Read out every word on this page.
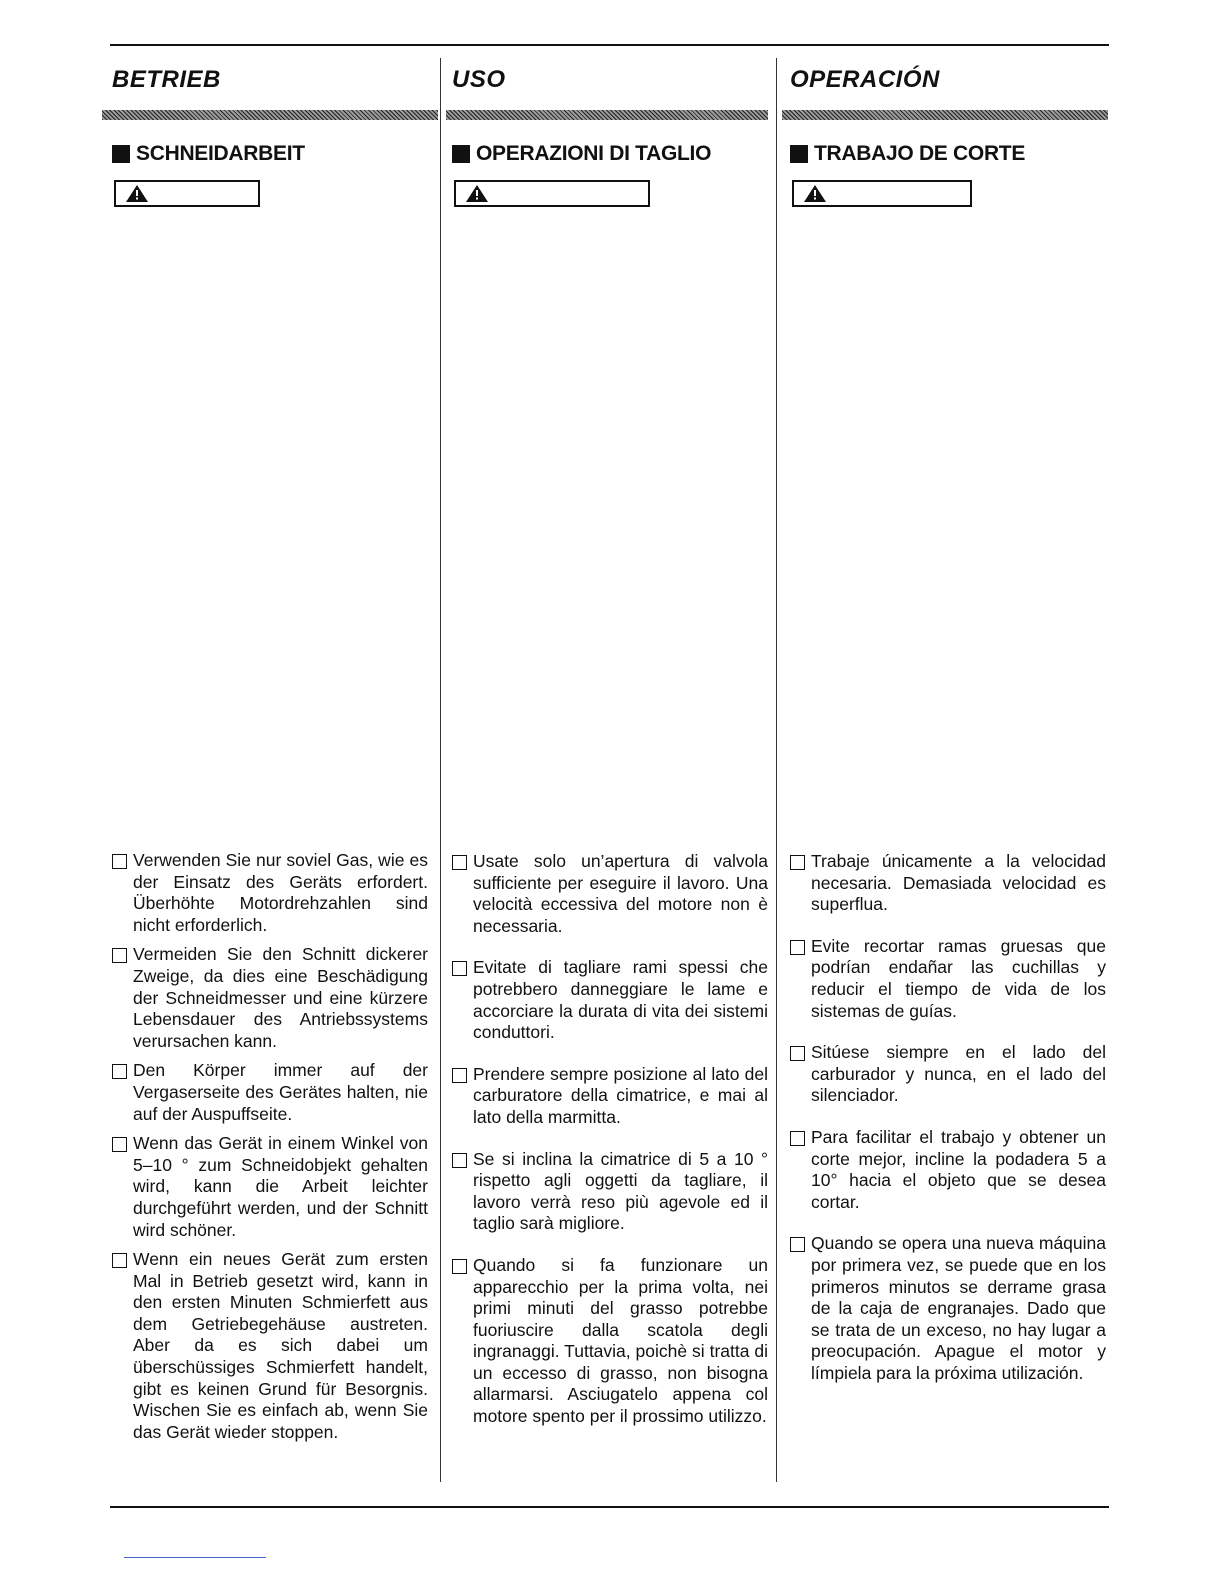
BETRIEB
SCHNEIDARBEIT
Verwenden Sie nur soviel Gas, wie es der Einsatz des Geräts erfordert. Überhöhte Motordrehzahlen sind nicht erforderlich.
Vermeiden Sie den Schnitt dickerer Zweige, da dies eine Beschädigung der Schneidmesser und eine kürzere Lebensdauer des Antriebssystems verursachen kann.
Den Körper immer auf der Vergaserseite des Gerätes halten, nie auf der Auspuffseite.
Wenn das Gerät in einem Winkel von 5–10 ° zum Schneidobjekt gehalten wird, kann die Arbeit leichter durchgeführt werden, und der Schnitt wird schöner.
Wenn ein neues Gerät zum ersten Mal in Betrieb gesetzt wird, kann in den ersten Minuten Schmierfett aus dem Getriebegehäuse austreten. Aber da es sich dabei um überschüssiges Schmierfett handelt, gibt es keinen Grund für Besorgnis. Wischen Sie es einfach ab, wenn Sie das Gerät wieder stoppen.
USO
OPERAZIONI DI TAGLIO
Usate solo un’apertura di valvola sufficiente per eseguire il lavoro. Una velocità eccessiva del motore non è necessaria.
Evitate di tagliare rami spessi che potrebbero danneggiare le lame e accorciare la durata di vita dei sistemi conduttori.
Prendere sempre posizione al lato del carburatore della cimatrice, e mai al lato della marmitta.
Se si inclina la cimatrice di 5 a 10 ° rispetto agli oggetti da tagliare, il lavoro verrà reso più agevole ed il taglio sarà migliore.
Quando si fa funzionare un apparecchio per la prima volta, nei primi minuti del grasso potrebbe fuoriuscire dalla scatola degli ingranaggi. Tuttavia, poichè si tratta di un eccesso di grasso, non bisogna allarmarsi. Asciugatelo appena col motore spento per il prossimo utilizzo.
OPERACIÓN
TRABAJO DE CORTE
Trabaje únicamente a la velocidad necesaria. Demasiada velocidad es superflua.
Evite recortar ramas gruesas que podrían endañar las cuchillas y reducir el tiempo de vida de los sistemas de guías.
Sitúese siempre en el lado del carburador y nunca, en el lado del silenciador.
Para facilitar el trabajo y obtener un corte mejor, incline la podadera 5 a 10° hacia el objeto que se desea cortar.
Quando se opera una nueva máquina por primera vez, se puede que en los primeros minutos se derrame grasa de la caja de engranajes. Dado que se trata de un exceso, no hay lugar a preocupación. Apague el motor y límpiela para la próxima utilización.
